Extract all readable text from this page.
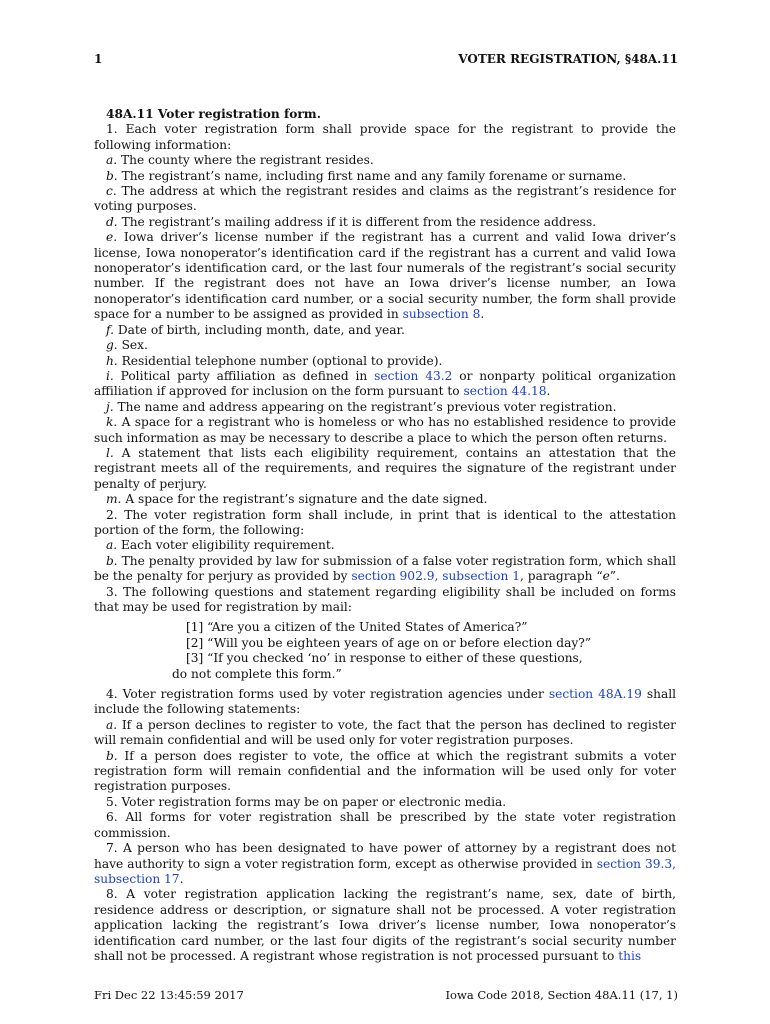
1	VOTER REGISTRATION, §48A.11

48A.11 Voter registration form.

1. Each voter registration form shall provide space for the registrant to provide the following information:

a. The county where the registrant resides.

b. The registrant’s name, including first name and any family forename or surname.

c. The address at which the registrant resides and claims as the registrant’s residence for voting purposes.

d. The registrant’s mailing address if it is different from the residence address.

e. Iowa driver’s license number if the registrant has a current and valid Iowa driver’s license, Iowa nonoperator’s identification card if the registrant has a current and valid Iowa nonoperator’s identification card, or the last four numerals of the registrant’s social security number. If the registrant does not have an Iowa driver’s license number, an Iowa nonoperator’s identification card number, or a social security number, the form shall provide space for a number to be assigned as provided in subsection 8.

f. Date of birth, including month, date, and year.

g. Sex.

h. Residential telephone number (optional to provide).

i. Political party affiliation as defined in section 43.2 or nonparty political organization affiliation if approved for inclusion on the form pursuant to section 44.18.

j. The name and address appearing on the registrant’s previous voter registration.

k. A space for a registrant who is homeless or who has no established residence to provide such information as may be necessary to describe a place to which the person often returns.

l. A statement that lists each eligibility requirement, contains an attestation that the registrant meets all of the requirements, and requires the signature of the registrant under penalty of perjury.

m. A space for the registrant’s signature and the date signed.

2. The voter registration form shall include, in print that is identical to the attestation portion of the form, the following:

a. Each voter eligibility requirement.

b. The penalty provided by law for submission of a false voter registration form, which shall be the penalty for perjury as provided by section 902.9, subsection 1, paragraph “e”.

3. The following questions and statement regarding eligibility shall be included on forms that may be used for registration by mail:

[1] “Are you a citizen of the United States of America?”
[2] “Will you be eighteen years of age on or before election day?”
[3] “If you checked ‘no’ in response to either of these questions,
do not complete this form.”

4. Voter registration forms used by voter registration agencies under section 48A.19 shall include the following statements:

a. If a person declines to register to vote, the fact that the person has declined to register will remain confidential and will be used only for voter registration purposes.

b. If a person does register to vote, the office at which the registrant submits a voter registration form will remain confidential and the information will be used only for voter registration purposes.

5. Voter registration forms may be on paper or electronic media.

6. All forms for voter registration shall be prescribed by the state voter registration commission.

7. A person who has been designated to have power of attorney by a registrant does not have authority to sign a voter registration form, except as otherwise provided in section 39.3, subsection 17.

8. A voter registration application lacking the registrant’s name, sex, date of birth, residence address or description, or signature shall not be processed. A voter registration application lacking the registrant’s Iowa driver’s license number, Iowa nonoperator’s identification card number, or the last four digits of the registrant’s social security number shall not be processed. A registrant whose registration is not processed pursuant to this

Fri Dec 22 13:45:59 2017	Iowa Code 2018, Section 48A.11 (17, 1)
